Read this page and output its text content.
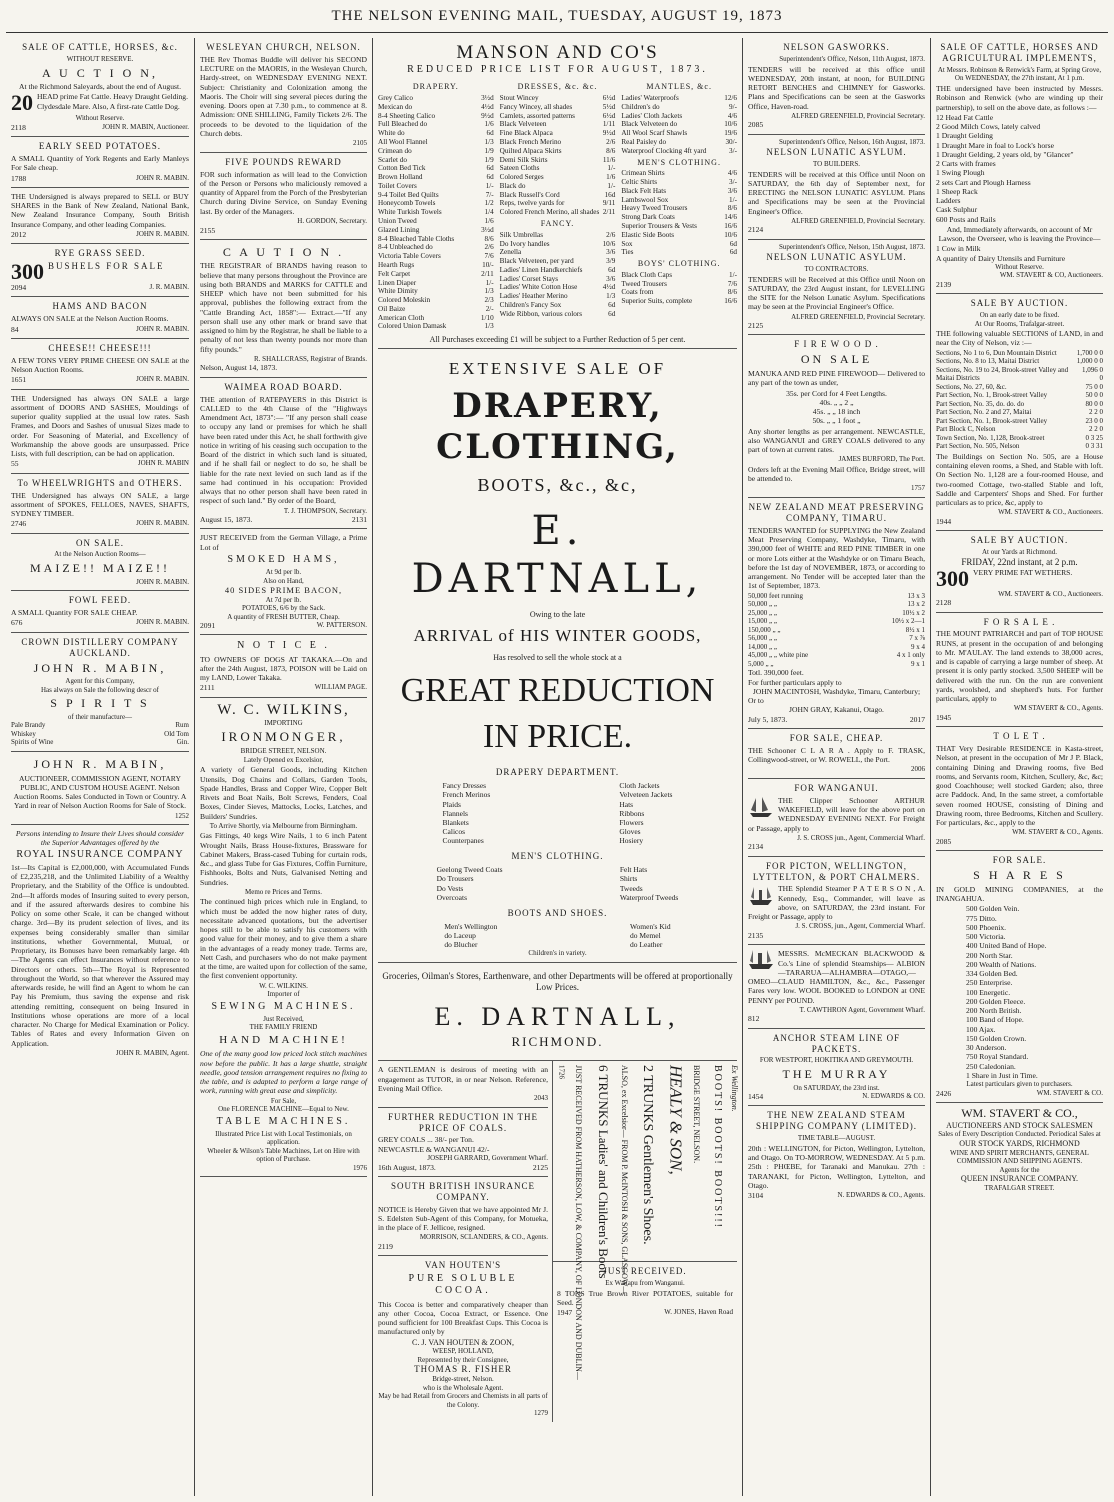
THE NELSON EVENING MAIL, TUESDAY, AUGUST 19, 1873
SALE OF CATTLE, HORSES, &c.
WITHOUT RESERVE.
A U C T I O N,
At the Richmond Saleyards, about the end of August.
20 HEAD prime Fat Cattle. Heavy Draught Gelding. Clydesdale Mare. Also, A first-rate Cattle Dog.
Without Reserve.
2118	JOHN R. MABIN, Auctioneer.
EARLY SEED POTATOES.
A SMALL Quantity of York Regents and Early Manleys For Sale cheap.
1788	JOHN R. MABIN.
THE Undersigned is always prepared to SELL or BUY SHARES in the Bank of New Zealand, National Bank, New Zealand Insurance Company, South British Insurance Company, and other leading Companies.
2012	JOHN R. MABIN.
RYE GRASS SEED.
300 BUSHELS FOR SALE
2094	J. R. MABIN.
HAMS AND BACON
ALWAYS ON SALE at the Nelson Auction Rooms.
84	JOHN R. MABIN.
CHEESE!! CHEESE!!!
A FEW TONS VERY PRIME CHEESE ON SALE at the Nelson Auction Rooms.
1651	JOHN R. MABIN.
THE Undersigned has always ON SALE a large assortment of DOORS AND SASHES, Mouldings of superior quality supplied at the usual low rates. Sash Frames, and Doors and Sashes of unusual Sizes made to order. For Seasoning of Material, and Excellency of Workmanship the above goods are unsurpassed. Price Lists, with full description, can be had on application.
55	JOHN R. MABIN
To WHEELWRIGHTS and OTHERS.
THE Undersigned has always ON SALE, a large assortment of SPOKES, FELLOES, NAVES, SHAFTS, SYDNEY TIMBER.
2746	JOHN R. MABIN.
ON SALE.
At the Nelson Auction Rooms—
MAIZE!! MAIZE!!
JOHN R. MABIN.
FOWL FEED.
A SMALL Quantity FOR SALE CHEAP.
676	JOHN R. MABIN.
CROWN DISTILLERY COMPANY AUCKLAND.
JOHN R. MABIN,
Agent for this Company,
Has always on Sale the following descr of
S P I R I T S
of their manufacture—
Pale Brandy	Rum
Whiskey	Old Tom
Spirits of Wine	Gin.
JOHN R. MABIN,
AUCTIONEER, COMMISSION AGENT, NOTARY PUBLIC, AND CUSTOM HOUSE AGENT. Nelson Auction Rooms. Sales Conducted in Town or Country. A Yard in rear of Nelson Auction Rooms for Sale of Stock.
1252
Persons intending to Insure their Lives should consider the Superior Advantages offered by the
ROYAL INSURANCE COMPANY
1st—Its Capital is £2,000,000, with Accumulated Funds of £2,235,218, and the Unlimited Liability of a Wealthy Proprietary, and the Stability of the Office is undoubted. 2nd—It affords modes of Insuring suited to every person, and if the assured afterwards desires to combine his Policy on some other Scale, it can be changed without charge. 3rd—By its prudent selection of lives, and its expenses being considerably smaller than similar institutions, whether Governmental, Mutual, or Proprietary, its Bonuses have been remarkably large. 4th—The Agents can effect Insurances without reference to Directors or others. 5th—The Royal is Represented throughout the World, so that wherever the Assured may afterwards reside, he will find an Agent to whom he can Pay his Premium, thus saving the expense and risk attending remitting, consequent on being Insured in Institutions whose operations are more of a local character. No Charge for Medical Examination or Policy. Tables of Rates and every Information Given on Application.
JOHN R. MABIN, Agent.
WESLEYAN CHURCH, NELSON.
THE Rev Thomas Buddle will deliver his SECOND LECTURE on the MAORIS, in the Wesleyan Church, Hardy-street, on WEDNESDAY EVENING NEXT. Subject: Christianity and Colonization among the Maoris. The Choir will sing several pieces during the evening. Doors open at 7.30 p.m., to commence at 8. Admission: ONE SHILLING, Family Tickets 2/6. The proceeds to be devoted to the liquidation of the Church debts.
2105
FIVE POUNDS REWARD
FOR such information as will lead to the Conviction of the Person or Persons who maliciously removed a quantity of Apparel from the Porch of the Presbyterian Church during Divine Service, on Sunday Evening last. By order of the Managers.
H. GORDON, Secretary.
2155
C A U T I O N .
THE REGISTRAR of BRANDS having reason to believe that many persons throughout the Province are using both BRANDS and MARKS for CATTLE and SHEEP which have not been submitted for his approval, publishes the following extract from the "Cattle Branding Act, 1858":— Extract.—"If any person shall use any other mark or brand save that assigned to him by the Registrar, he shall be liable to a penalty of not less than twenty pounds nor more than fifty pounds."
R. SHALLCRASS, Registrar of Brands.
Nelson, August 14, 1873.
WAIMEA ROAD BOARD.
THE attention of RATEPAYERS in this District is CALLED to the 4th Clause of the "Highways Amendment Act, 1873":— "If any person shall cease to occupy any land or premises for which he shall have been rated under this Act, he shall forthwith give notice in writing of his ceasing such occupation to the Board of the district in which such land is situated, and if he shall fail or neglect to do so, he shall be liable for the rate next levied on such land as if the same had continued in his occupation: Provided always that no other person shall have been rated in respect of such land." By order of the Board,
T. J. THOMPSON, Secretary.
August 15, 1873.	2131
JUST RECEIVED from the German Village, a Prime Lot of
SMOKED HAMS,
At 9d per lb.
Also on Hand,
40 SIDES PRIME BACON,
At 7d per lb.
POTATOES, 6/6 by the Sack.
A quantity of FRESH BUTTER, Cheap.
2091	W. PATTERSON.
N O T I C E .
TO OWNERS OF DOGS AT TAKAKA.—On and after the 24th August, 1873, POISON will be Laid on my LAND, Lower Takaka.
2111	WILLIAM PAGE.
W. C. WILKINS,
IMPORTING
IRONMONGER,
BRIDGE STREET, NELSON.
Lately Opened ex Excelsior,
A variety of General Goods, including Kitchen Utensils, Dog Chains and Collars, Garden Tools, Spade Handles, Brass and Copper Wire, Copper Belt Rivets and Boat Nails, Bolt Screws, Fenders, Coal Boxes, Cinder Sieves, Mattocks, Locks, Latches, and Builders' Sundries.
To Arrive Shortly, via Melbourne from Birmingham.
Gas Fittings, 40 kegs Wire Nails, 1 to 6 inch Patent Wrought Nails, Brass House-fixtures, Brassware for Cabinet Makers, Brass-cased Tubing for curtain rods, &c., and glass Tube for Gas Fixtures, Coffin Furniture, Fishhooks, Bolts and Nuts, Galvanised Netting and Sundries.
Memo re Prices and Terms.
The continued high prices which rule in England, to which must be added the now higher rates of duty, necessitate advanced quotations, but the advertiser hopes still to be able to satisfy his customers with good value for their money, and to give them a share in the advantages of a ready money trade. Terms are, Nett Cash, and purchasers who do not make payment at the time, are waited upon for collection of the same, the first convenient opportunity.
W. C. WILKINS.
Importer of
SEWING MACHINES.
Just Received,
THE FAMILY FRIEND
HAND MACHINE!
One of the many good low priced lock stitch machines now before the public. It has a large shuttle, straight needle, good tension arrangement requires no fixing to the table, and is adapted to perform a large range of work, running with great ease and simplicity.
For Sale,
One FLORENCE MACHINE—Equal to New.
TABLE MACHINES.
Illustrated Price List with Local Testimonials, on application.
Wheeler & Wilson's Table Machines, Let on Hire with option of Purchase.
1976
MANSON AND CO'S
REDUCED PRICE LIST FOR AUGUST, 1873.
DRAPERY.
Grey Calico	3½d
Mexican do	4½d
8-4 Sheeting Calico	9½d
Full Bleached do	1/6
White do	6d
All Wool Flannel	1/3
Crimean do	1/9
Scarlet do	1/9
Cotton Bed Tick	6d
Brown Holland	6d
Toilet Covers	1/-
9-4 Toilet Bed Quilts	7/-
Honeycomb Towels	1/2
White Turkish Towels	1/4
Union Tweed	1/6
Glazed Lining	3½d
8-4 Bleached Table Cloths	8/6
8-4 Unbleached do	2/6
Victoria Table Covers	7/6
Hearth Rugs	10/-
Felt Carpet	2/11
Linen Diaper	1/-
White Dimity	1/3
Colored Moleskin	2/3
Oil Baize	2/-
American Cloth	1/10
Colored Union Damask	1/3
DRESSES, &c. &c.
Stout Wincey	6½d
Fancy Wincey, all shades	5½d
Camlets, assorted patterns	6½d
Black Velveteen	1/11
Fine Black Alpaca	9½d
Black French Merino	2/6
Quilted Alpaca Skirts	8/6
Demi Silk Skirts	11/6
Sateen Cloths	1/-
Colored Serges	1/6
Black do	1/-
Black Russell's Cord	16d
Reps, twelve yards for	9/11
Colored French Merino, all shades 2/11
FANCY.
Silk Umbrellas	2/6
Do Ivory handles	10/6
Zenella	3/6
Black Velveteen, per yard	3/9
Ladies' Linen Handkerchiefs	6d
Ladies' Corset Stays	3/6
Ladies' White Cotton Hose	4½d
Ladies' Heather Merino	1/3
Children's Fancy Sox	6d
Wide Ribbon, various colors	6d
MANTLES, &c.
Ladies' Waterproofs	12/6
Children's do	9/-
Ladies' Cloth Jackets	4/6
Black Velveteen do	10/6
All Wool Scarf Shawls	19/6
Real Paisley do	30/-
Waterproof Clocking 4ft yard	3/-
MEN'S CLOTHING.
Crimean Shirts	4/6
Celtic Shirts	3/-
Black Felt Hats	3/6
Lambswool Sox	1/-
Heavy Tweed Trousers	8/6
Strong Dark Coats	14/6
Superior Trousers & Vests	16/6
Elastic Side Boots	10/6
Sox	6d
Ties	6d
BOYS' CLOTHING.
Black Cloth Caps	1/-
Tweed Trousers	7/6
Coats from	8/6
Superior Suits, complete	16/6
All Purchases exceeding £1 will be subject to a Further Reduction of 5 per cent.
EXTENSIVE SALE OF
DRAPERY, CLOTHING,
BOOTS, &c., &c,
E. DARTNALL,
Owing to the late
ARRIVAL of HIS WINTER GOODS,
Has resolved to sell the whole stock at a
GREAT REDUCTION
IN PRICE.
DRAPERY DEPARTMENT.
Fancy Dresses
French Merinos
Plaids
Flannels
Blankets
Calicos
Counterpanes
Cloth Jackets
Velveteen Jackets
Hats
Ribbons
Flowers
Gloves
Hosiery
MEN'S CLOTHING.
Geelong Tweed Coats
Do Trousers
Do Vests
Overcoats
Felt Hats
Shirts
Tweeds
Waterproof Tweeds
BOOTS AND SHOES.
Men's Wellington
do Laceup
do Blucher
Women's Kid
do Memel
do Leather
Children's in variety.
Groceries, Oilman's Stores, Earthenware, and other Departments will be offered at proportionally Low Prices.
E. DARTNALL,
RICHMOND.
A GENTLEMAN is desirous of meeting with an engagement as TUTOR, in or near Nelson. Reference, Evening Mail Office.
2043
FURTHER REDUCTION IN THE PRICE OF COALS.
GREY COALS ... 38/- per Ton.
NEWCASTLE & WANGANUI 42/-
JOSEPH GARRARD, Government Wharf.
16th August, 1873.	2125
SOUTH BRITISH INSURANCE COMPANY.
NOTICE is Hereby Given that we have appointed Mr J. S. Edelsten Sub-Agent of this Company, for Motueka, in the place of F. Jellicoe, resigned.
MORRISON, SCLANDERS, & CO., Agents.
2119
VAN HOUTEN'S
PURE SOLUBLE COCOA.
This Cocoa is better and comparatively cheaper than any other Cocoa, Cocoa Extract, or Essence. One pound sufficient for 100 Breakfast Cups. This Cocoa is manufactured only by
C. J. VAN HOUTEN & ZOON,
WEESP, HOLLAND,
Represented by their Consignee,
THOMAS R. FISHER
Bridge-street, Nelson.
who is the Wholesale Agent.
May be had Retail from Grocers and Chemists in all parts of the Colony.
1279
1726 JUST RECEIVED FROM HATHERSON, LOW, & COMPANY, OF LONDON AND DUBLIN— 6 TRUNKS Ladies' and Children's Boots ALSO, ex Excelsior— FROM P. McINTOSH & SONS, GLASGOW— 2 TRUNKS Gentlemen's Shoes. HEALY & SON, BRIDGE STREET, NELSON. BOOTS! BOOTS! BOOTS!!! Ex Wellington.
JUST RECEIVED.
Ex Waitapu from Wanganui.
8 TONS True Brown River POTATOES, suitable for Seed.
1947	W. JONES, Haven Road
NELSON GASWORKS.
Superintendent's Office, Nelson, 11th August, 1873.
TENDERS will be received at this office until WEDNESDAY, 20th instant, at noon, for BUILDING RETORT BENCHES and CHIMNEY for Gasworks. Plans and Specifications can be seen at the Gasworks Office, Haven-road.
ALFRED GREENFIELD, Provincial Secretary.
2085
Superintendent's Office, Nelson, 16th August, 1873.
NELSON LUNATIC ASYLUM.
TO BUILDERS.
TENDERS will be received at this Office until Noon on SATURDAY, the 6th day of September next, for ERECTING the NELSON LUNATIC ASYLUM. Plans and Specifications may be seen at the Provincial Engineer's Office.
ALFRED GREENFIELD, Provincial Secretary.
2124
Superintendent's Office, Nelson, 15th August, 1873.
NELSON LUNATIC ASYLUM.
TO CONTRACTORS.
TENDERS will be Received at this Office until Noon on SATURDAY, the 23rd August instant, for LEVELLING the SITE for the Nelson Lunatic Asylum. Specifications may be seen at the Provincial Engineer's Office.
ALFRED GREENFIELD, Provincial Secretary.
2125
F I R E W O O D .
ON SALE
MANUKA AND RED PINE FIREWOOD— Delivered to any part of the town as under,
35s. per Cord for 4 Feet Lengths.
40s. „ „ 2 „
45s. „ „ 18 inch
50s. „ „ 1 foot „
Any shorter lengths as per arrangement. NEWCASTLE, also WANGANUI and GREY COALS delivered to any part of town at current rates.
JAMES BURFORD, The Port.
Orders left at the Evening Mail Office, Bridge street, will be attended to.
1757
NEW ZEALAND MEAT PRESERVING COMPANY, TIMARU.
TENDERS WANTED for SUPPLYING the New Zealand Meat Preserving Company, Washdyke, Timaru, with 390,000 feet of WHITE and RED PINE TIMBER in one or more Lots either at the Washdyke or on Timaru Beach, before the 1st day of NOVEMBER, 1873, or according to arrangement. No Tender will be accepted later than the 1st of September, 1873.
50,000 feet running	13 x 3
50,000 „ „	13 x 2
25,000 „ „	10½ x 2
15,000 „ „	10½ x 2—1
150,000 „ „	8½ x 1
56,000 „ „	7 x ⅞
14,000 „ „	9 x 4
45,000 „ „ white pine	4 x 1 only
5,000 „ „	9 x 1
Totl. 390,000 feet.
For further particulars apply to
JOHN MACINTOSH, Washdyke, Timaru, Canterbury;
Or to
JOHN GRAY, Kakanui, Otago.
July 5, 1873.	2017
FOR SALE, CHEAP.
THE Schooner C L A R A . Apply to F. TRASK, Collingwood-street, or W. ROWELL, the Port.
2006
FOR WANGANUI.
THE Clipper Schooner ARTHUR WAKEFIELD, will leave for the above port on WEDNESDAY EVENING NEXT. For Freight or Passage, apply to
J. S. CROSS jun., Agent, Commercial Wharf.
2134
FOR PICTON, WELLINGTON, LYTTELTON, & PORT CHALMERS.
THE Splendid Steamer P A T E R S O N , A. Kennedy, Esq., Commander, will leave as above, on SATURDAY, the 23rd instant. For Freight or Passage, apply to
J. S. CROSS, jun., Agent, Commercial Wharf.
2135
MESSRS. McMECKAN BLACKWOOD & Co.'s Line of splendid Steamships— ALBION—TARARUA—ALHAMBRA—OTAGO,—OMEO—CLAUD HAMILTON, &c., &c., Passenger Fares very low. WOOL BOOKED to LONDON at ONE PENNY per POUND.
T. CAWTHRON Agent, Government Wharf.
812
ANCHOR STEAM LINE OF PACKETS.
FOR WESTPORT, HOKITIKA AND GREYMOUTH.
THE MURRAY
On SATURDAY, the 23rd inst.
1454	N. EDWARDS & CO.
THE NEW ZEALAND STEAM SHIPPING COMPANY (LIMITED).
TIME TABLE—AUGUST.
20th : WELLINGTON, for Picton, Wellington, Lyttelton, and Otago. On TO-MORROW, WEDNESDAY. At 5 p.m. 25th : PHŒBE, for Taranaki and Manukau. 27th : TARANAKI, for Picton, Wellington, Lyttelton, and Otago.
3104	N. EDWARDS & CO., Agents.
SALE OF CATTLE, HORSES AND AGRICULTURAL IMPLEMENTS,
At Messrs. Robinson & Renwick's Farm, at Spring Grove,
On WEDNESDAY, the 27th instant, At 1 p.m.
THE undersigned have been instructed by Messrs. Robinson and Renwick (who are winding up their partnership), to sell on the above date, as follows :—
12 Head Fat Cattle
2 Good Milch Cows, lately calved
1 Draught Gelding
1 Draught Mare in foal to Lock's horse
1 Draught Gelding, 2 years old, by "Glancer"
2 Carts with frames
1 Swing Plough
2 sets Cart and Plough Harness
1 Sheep Rack
Ladders
Cask Sulphur
600 Posts and Rails
And, Immediately afterwards, on account of Mr Lawson, the Overseer, who is leaving the Province—
1 Cow in Milk
A quantity of Dairy Utensils and Furniture
Without Reserve.
WM. STAVERT & CO, Auctioneers.
2139
SALE BY AUCTION.
On an early date to be fixed.
At Our Rooms, Trafalgar-street.
THE following valuable SECTIONS of LAND, in and near the City of Nelson, viz :—
Sections, No 1 to 6, Dun Mountain District	1,700 0 0
Sections, No. 8 to 13, Maitai District	1,000 0 0
Sections, No. 19 to 24, Brook-street Valley and Maitai Districts
1,096 0 0
Sections, No. 27, 60, &c.	75 0 0
Part Section, No. 1, Brook-street Valley	50 0 0
Part Section, No. 35, do. do. do	80 0 0
Part Section, No. 2 and 27, Maitai	2 2 0
Part Section, No. 1, Brook-street Valley	23 0 0
Part Block C, Nelson	2 2 0
Town Section, No. 1,128, Brook-street	0 3 25
Part Section, No. 505, Nelson	0 3 31
The Buildings on Section No. 505, are a House containing eleven rooms, a Shed, and Stable with loft. On Section No. 1,128 are a four-roomed House, and two-roomed Cottage, two-stalled Stable and loft, Saddle and Carpenters' Shops and Shed. For further particulars as to price, &c, apply to
WM. STAVERT & CO., Auctioneers.
1944
SALE BY AUCTION.
At our Yards at Richmond.
FRIDAY, 22nd instant, at 2 p.m.
300 VERY PRIME FAT WETHERS.
WM. STAVERT & CO., Auctioneers.
2128
F O R S A L E .
THE MOUNT PATRIARCH and part of TOP HOUSE RUNS, at present in the occupation of and belonging to Mr. M'AULAY. The land extends to 38,000 acres, and is capable of carrying a large number of sheep. At present it is only partly stocked. 3,500 SHEEP will be delivered with the run. On the run are convenient yards, woolshed, and shepherd's huts. For further particulars, apply to
WM STAVERT & CO., Agents.
1945
T O L E T .
THAT Very Desirable RESIDENCE in Kasta-street, Nelson, at present in the occupation of Mr J P. Black, containing Dining and Drawing rooms, five Bed rooms, and Servants room, Kitchen, Scullery, &c, &c; good Coachhouse; well stocked Garden; also, three acre Paddock. And, In the same street, a comfortable seven roomed HOUSE, consisting of Dining and Drawing room, three Bedrooms, Kitchen and Scullery. For particulars, &c., apply to the
WM. STAVERT & CO., Agents.
2085
FOR SALE.
S H A R E S
IN GOLD MINING COMPANIES, at the INANGAHUA.
500 Golden Vein.
775 Ditto.
500 Phoenix.
500 Victoria.
400 United Band of Hope.
200 North Star.
200 Wealth of Nations.
334 Golden Bed.
250 Enterprise.
100 Energetic.
200 Golden Fleece.
200 North British.
100 Band of Hope.
100 Ajax.
150 Golden Crown.
30 Anderson.
750 Royal Standard.
250 Caledonian.
1 Share in Just in Time.
Latest particulars given to purchasers.
2426	WM. STAVERT & CO.
WM. STAVERT & CO.,
AUCTIONEERS AND STOCK SALESMEN
Sales of Every Description Conducted. Periodical Sales at
OUR STOCK YARDS, RICHMOND
WINE AND SPIRIT MERCHANTS, GENERAL COMMISSION AND SHIPPING AGENTS.
Agents for the
QUEEN INSURANCE COMPANY.
TRAFALGAR STREET.
